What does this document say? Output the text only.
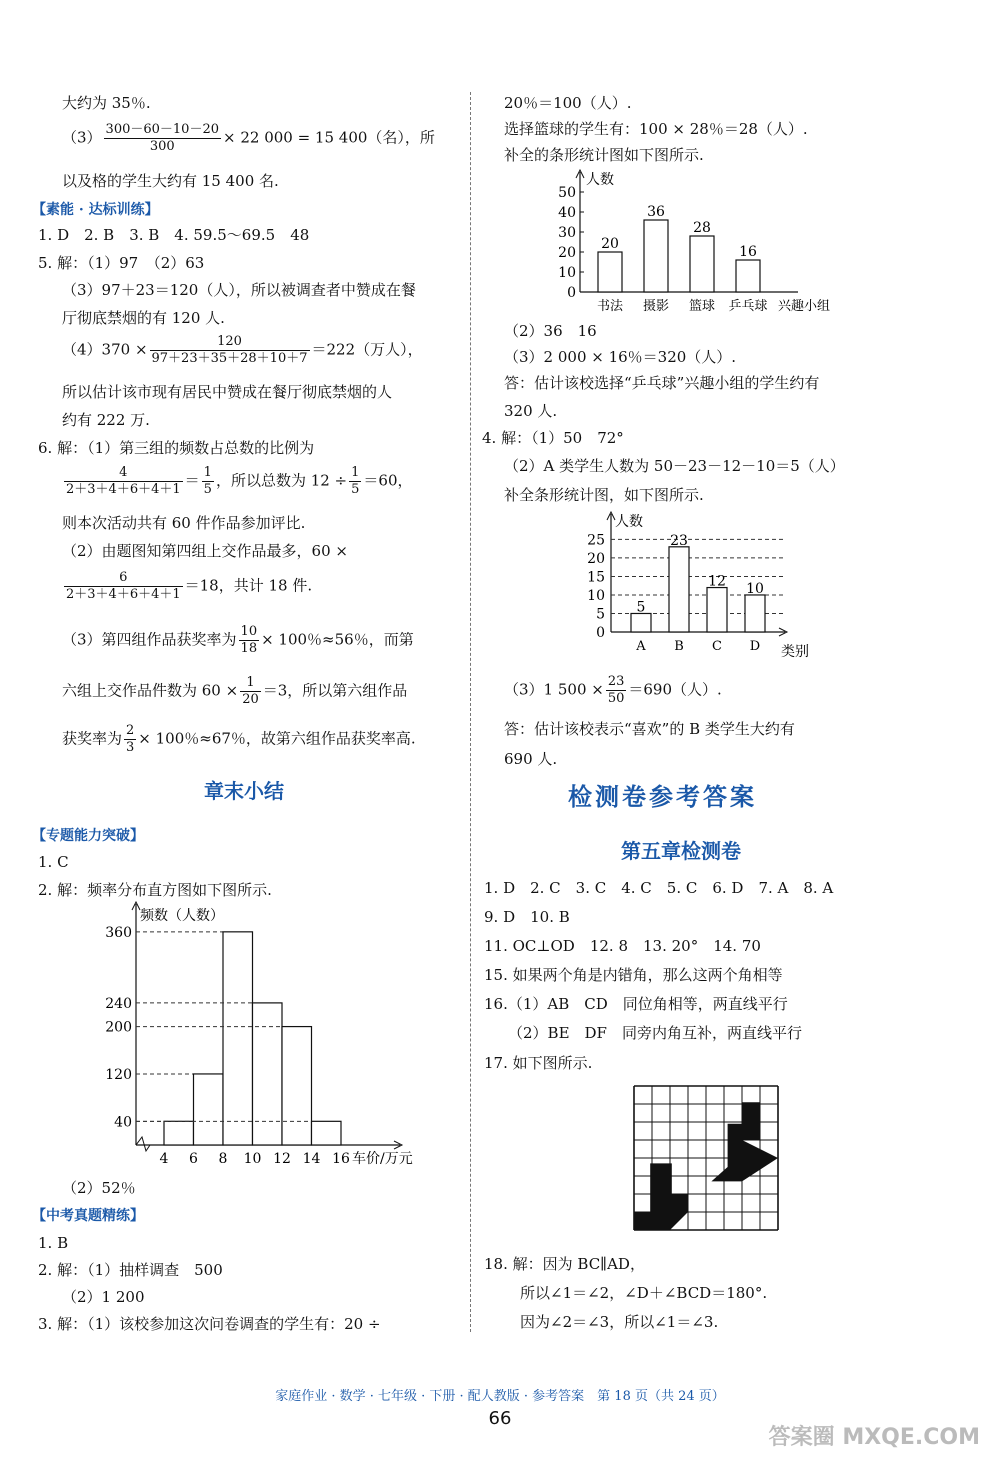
大约为 35％.
$(3) \frac{300-60-10-20}{300} \times 22$ 000 = 15 400（名），所
以及格的学生大约有 15 400 名.
【素能 · 达标训练】
1. D　2. B　3. B　4. 59.5～69.5　48
5. 解：（1）97　（2）63
（3）97＋23＝120（人），所以被调查者中赞成在餐
厅彻底禁烟的有 120 人.
$(4)370 \times \frac{120}{97+23+35+28+10+7} =222$（万人），
所以估计该市现有居民中赞成在餐厅彻底禁烟的人
约有 222 万.
6. 解：（1）第三组的频数占总数的比例为
$\frac{4}{2+3+4+6+4+1} = \frac{1}{5}$ ，所以总数为 $12 \div \frac{1}{5} =60$，
则本次活动共有 60 件作品参加评比.
（2）由题图知第四组上交作品最多，60 ×
$\frac{6}{2+3+4+6+4+1} =18$，共计 18 件.
（3）第四组作品获奖率为 $\frac{10}{18} \times 100$％≈56％，而第
六组上交作品件数为 $60 \times \frac{1}{20} =3$，所以第六组作品
获奖率为 $\frac{2}{3} \times 100$％≈67％，故第六组作品获奖率高.
章末小结
【专题能力突破】
1. C
2. 解：频率分布直方图如下图所示.
频数（人数）
40
120
200
240
360
4 6 8 10 12 14 16 车价/万元
（2）52％
【中考真题精练】
1. B
2. 解：（1）抽样调查　500
（2）1 200
3. 解：（1）该校参加这次问卷调查的学生有：20 ÷
20％＝100（人）.
选择篮球的学生有：100 × 28％＝28（人）.
补全的条形统计图如下图所示.
人数
0
10
20
30
40
50
20
书法
36
摄影
28
篮球
16
乒乓球 兴趣小组
（2）36　16
（3）2 000 × 16％＝320（人）.
答：估计该校选择“乒乓球”兴趣小组的学生约有
320 人.
4. 解：（1）50　72°
（2）A 类学生人数为 50－23－12－10＝5（人）
补全条形统计图，如下图所示.
人数
0
5
10
15
20
25
5
A
23
B
12
C
10
D 类别
（3）1 $500 \times \frac{23}{50} =690$（人）.
答：估计该校表示“喜欢”的 B 类学生大约有
690 人.
检测卷参考答案
第五章检测卷
1. D　2. C　3. C　4. C　5. C　6. D　7. A　8. A
9. D　10. B
11. OC⊥OD　12. 8　13. 20°　14. 70
15. 如果两个角是内错角，那么这两个角相等
16.（1）AB　CD　同位角相等，两直线平行
（2）BE　DF　同旁内角互补，两直线平行
17. 如下图所示.
18. 解：因为 BC∥AD，
所以∠1＝∠2，∠D＋∠BCD＝180°.
因为∠2＝∠3，所以∠1＝∠3.
家庭作业 · 数学 · 七年级 · 下册 · 配人教版 · 参考答案　第 18 页（共 24 页）
66
答案圈 MXQE.COM
